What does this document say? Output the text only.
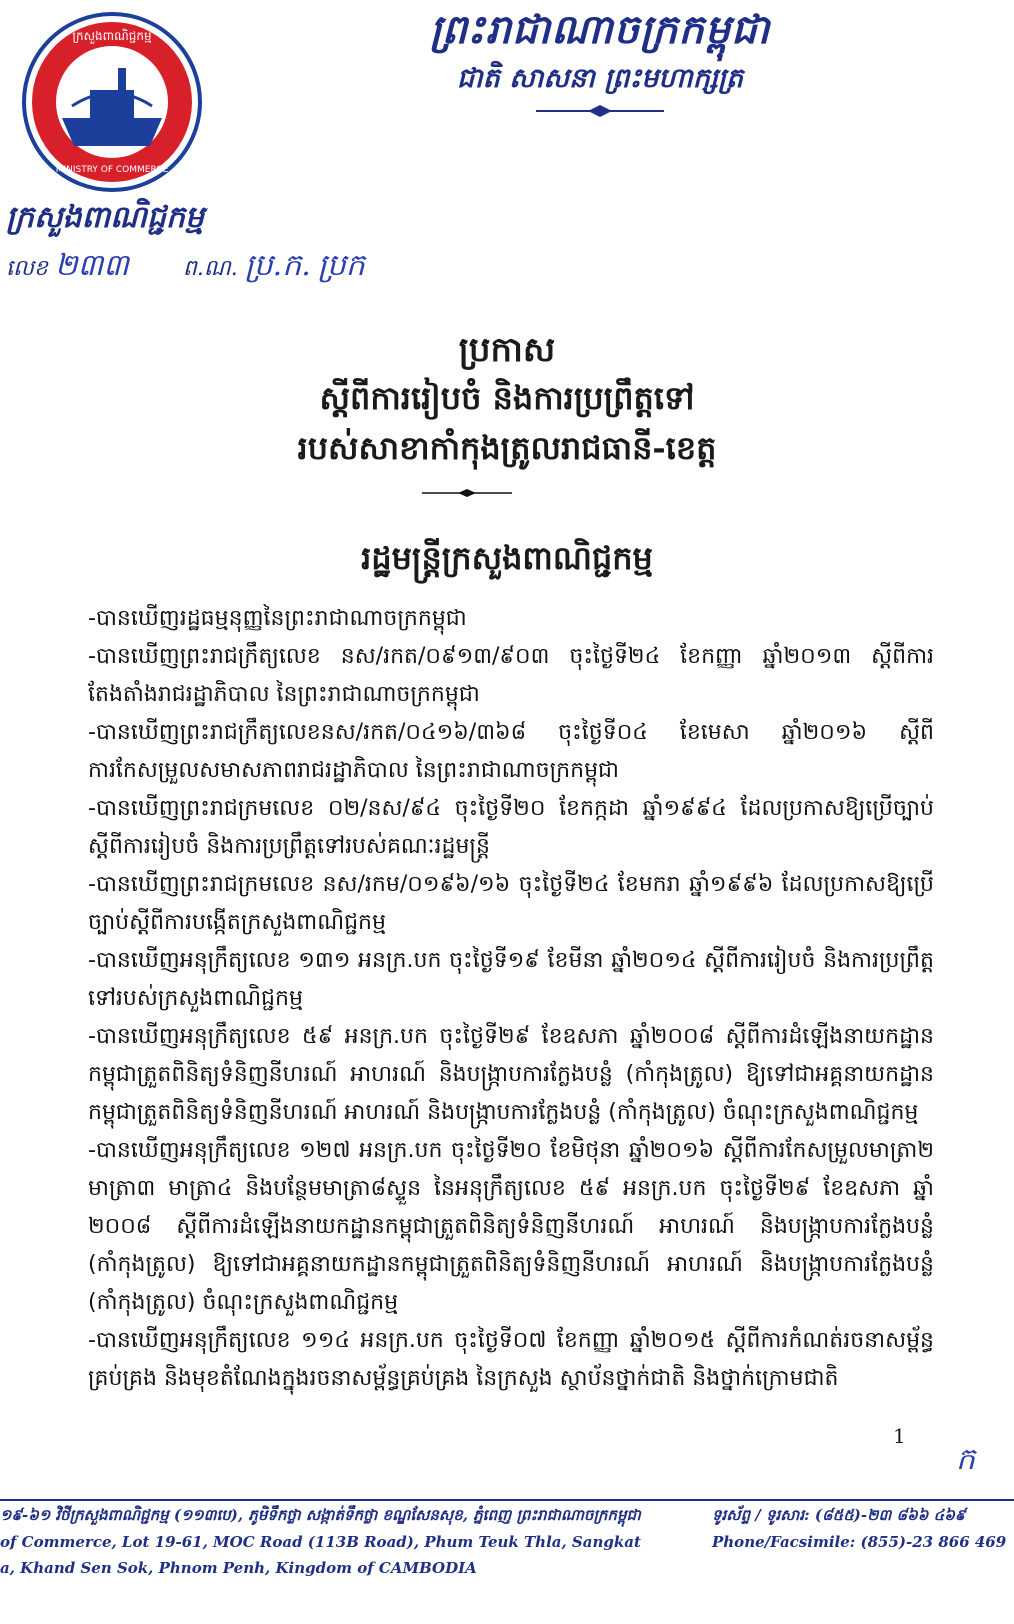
ក្រសួងពាណិជ្ជកម្ម
MINISTRY OF COMMERCE
ព្រះរាជាណាចក្រកម្ពុជា
ជាតិ សាសនា ព្រះមហាក្សត្រ
ក្រសួងពាណិជ្ជកម្ម
លេខ ២៣៣ ព.ណ. ប្រ.ក. ប្រក
ប្រកាស
ស្តីពីការរៀបចំ និងការប្រព្រឹត្តទៅ
របស់សាខាកាំកុងត្រូលរាជធានី-ខេត្ត
រដ្ឋមន្ត្រីក្រសួងពាណិជ្ជកម្ម
-បានឃើញរដ្ឋធម្មនុញ្ញនៃព្រះរាជាណាចក្រកម្ពុជា
-បានឃើញព្រះរាជក្រឹត្យលេខ នស/រកត/០៩១៣/៩០៣ ចុះថ្ងៃទី២៤ ខែកញ្ញា ឆ្នាំ២០១៣ ស្តីពីការតែងតាំងរាជរដ្ឋាភិបាល នៃព្រះរាជាណាចក្រកម្ពុជា
-បានឃើញព្រះរាជក្រឹត្យលេខនស/រកត/០៤១៦/៣៦៨ ចុះថ្ងៃទី០៤ ខែមេសា ឆ្នាំ២០១៦ ស្តីពីការកែសម្រួលសមាសភាពរាជរដ្ឋាភិបាល នៃព្រះរាជាណាចក្រកម្ពុជា
-បានឃើញព្រះរាជក្រមលេខ ០២/នស/៩៤ ចុះថ្ងៃទី២០ ខែកក្កដា ឆ្នាំ១៩៩៤ ដែលប្រកាសឱ្យប្រើច្បាប់ស្តីពីការរៀបចំ និងការប្រព្រឹត្តទៅរបស់គណៈរដ្ឋមន្ត្រី
-បានឃើញព្រះរាជក្រមលេខ នស/រកម/០១៩៦/១៦ ចុះថ្ងៃទី២៤ ខែមករា ឆ្នាំ១៩៩៦ ដែលប្រកាសឱ្យប្រើច្បាប់ស្តីពីការបង្កើតក្រសួងពាណិជ្ជកម្ម
-បានឃើញអនុក្រឹត្យលេខ ១៣១ អនក្រ.បក ចុះថ្ងៃទី១៩ ខែមីនា ឆ្នាំ២០១៤ ស្តីពីការរៀបចំ និងការប្រព្រឹត្តទៅរបស់ក្រសួងពាណិជ្ជកម្ម
-បានឃើញអនុក្រឹត្យលេខ ៥៩ អនក្រ.បក ចុះថ្ងៃទី២៩ ខែឧសភា ឆ្នាំ២០០៨ ស្តីពីការដំឡើងនាយកដ្ឋានកម្ពុជាត្រួតពិនិត្យទំនិញនីហរណ៍ អាហរណ៍ និងបង្រ្កាបការក្លែងបន្លំ (កាំកុងត្រូល) ឱ្យទៅជាអគ្គនាយកដ្ឋានកម្ពុជាត្រួតពិនិត្យទំនិញនីហរណ៍ អាហរណ៍ និងបង្រ្កាបការក្លែងបន្លំ (កាំកុងត្រូល) ចំណុះក្រសួងពាណិជ្ជកម្ម
-បានឃើញអនុក្រឹត្យលេខ ១២៧ អនក្រ.បក ចុះថ្ងៃទី២០ ខែមិថុនា ឆ្នាំ២០១៦ ស្តីពីការកែសម្រួលមាត្រា២ មាត្រា៣ មាត្រា៤ និងបន្ថែមមាត្រា៨ស្ទួន នៃអនុក្រឹត្យលេខ ៥៩ អនក្រ.បក ចុះថ្ងៃទី២៩ ខែឧសភា ឆ្នាំ ២០០៨ ស្តីពីការដំឡើងនាយកដ្ឋានកម្ពុជាត្រួតពិនិត្យទំនិញនីហរណ៍ អាហរណ៍ និងបង្រ្កាបការក្លែងបន្លំ (កាំកុងត្រូល) ឱ្យទៅជាអគ្គនាយកដ្ឋានកម្ពុជាត្រួតពិនិត្យទំនិញនីហរណ៍ អាហរណ៍ និងបង្រ្កាបការក្លែងបន្លំ (កាំកុងត្រូល) ចំណុះក្រសួងពាណិជ្ជកម្ម
-បានឃើញអនុក្រឹត្យលេខ ១១៤ អនក្រ.បក ចុះថ្ងៃទី០៧ ខែកញ្ញា ឆ្នាំ២០១៥ ស្តីពីការកំណត់រចនាសម្ព័ន្ធគ្រប់គ្រង និងមុខតំណែងក្នុងរចនាសម្ព័ន្ធគ្រប់គ្រង នៃក្រសួង ស្ថាប័នថ្នាក់ជាតិ និងថ្នាក់ក្រោមជាតិ
1
ក
១៩-៦១ វិថីក្រសួងពាណិជ្ជកម្ម (១១៣បេ), ភូមិទឹកថ្លា សង្កាត់ទឹកថ្លា ខណ្ឌសែនសុខ, ភ្នំពេញ ព្រះរាជាណាចក្រកម្ពុជា
of Commerce, Lot 19-61, MOC Road (113B Road), Phum Teuk Thla, Sangkat
a, Khand Sen Sok, Phnom Penh, Kingdom of CAMBODIA
ទូរស័ព្ទ / ទូរសារ: (៨៥៥)-២៣ ៨៦៦ ៤៦៩
Phone/Facsimile: (855)-23 866 469
